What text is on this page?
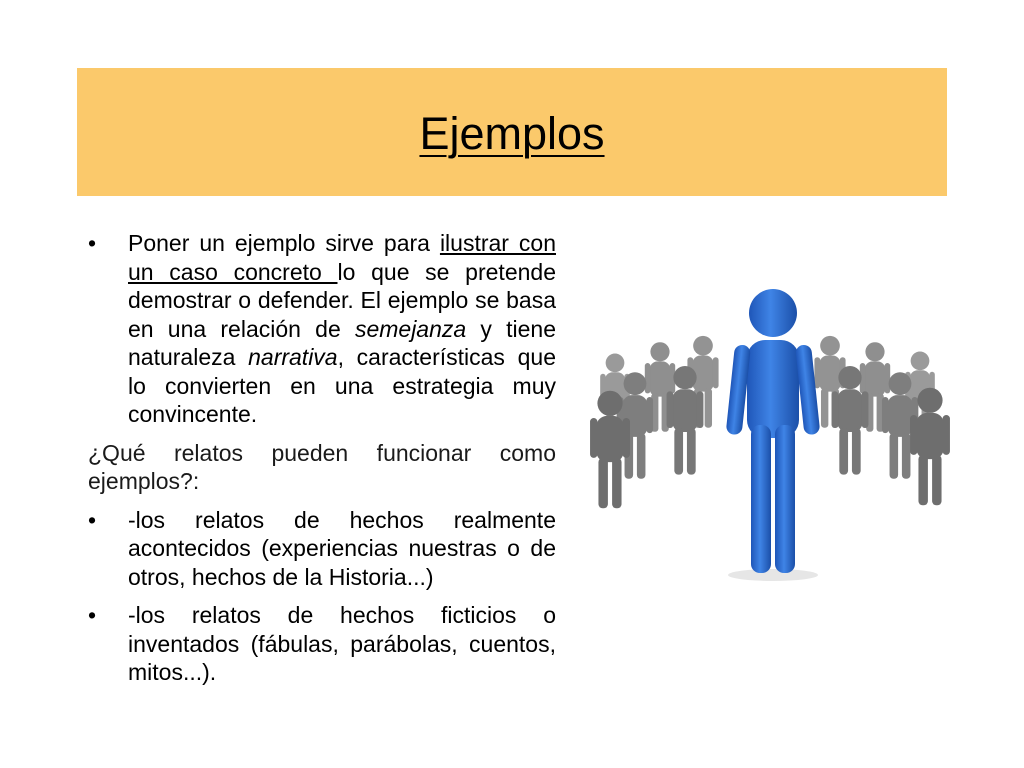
Ejemplos

• Poner un ejemplo sirve para ilustrar con un caso concreto lo que se pretende demostrar o defender. El ejemplo se basa en una relación de semejanza y tiene naturaleza narrativa, características que lo convierten en una estrategia muy convincente.

¿Qué relatos pueden funcionar como ejemplos?:

• -los relatos de hechos realmente acontecidos (experiencias nuestras o de otros, hechos de la Historia...)

• -los relatos de hechos ficticios o inventados (fábulas, parábolas, cuentos, mitos...).
